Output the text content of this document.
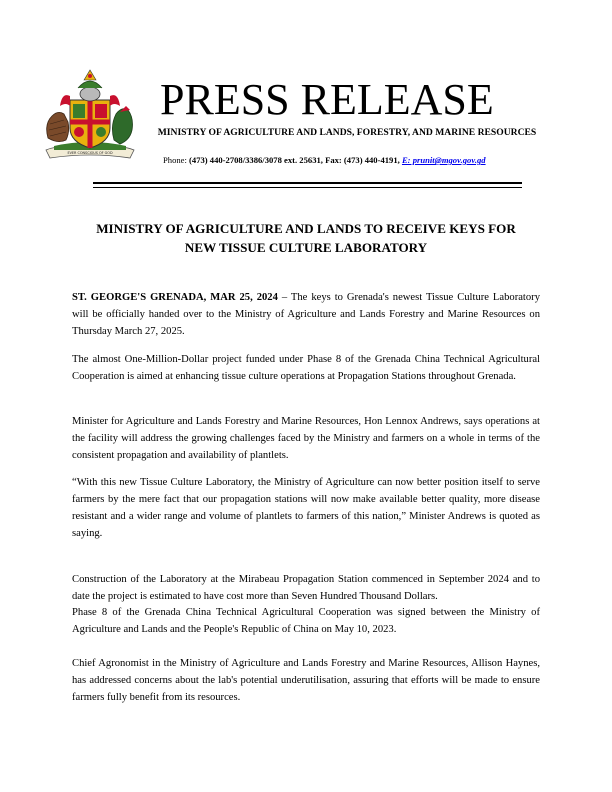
EVER CONSCIOUS OF GOD
PRESS RELEASE
MINISTRY OF AGRICULTURE AND LANDS, FORESTRY, AND MARINE RESOURCES
Phone: (473) 440-2708/3386/3078 ext. 25631, Fax: (473) 440-4191, E: prunit@mgov.gov.gd
MINISTRY OF AGRICULTURE AND LANDS TO RECEIVE KEYS FOR NEW TISSUE CULTURE LABORATORY
ST. GEORGE'S GRENADA, MAR 25, 2024 – The keys to Grenada's newest Tissue Culture Laboratory will be officially handed over to the Ministry of Agriculture and Lands Forestry and Marine Resources on Thursday March 27, 2025.
The almost One-Million-Dollar project funded under Phase 8 of the Grenada China Technical Agricultural Cooperation is aimed at enhancing tissue culture operations at Propagation Stations throughout Grenada.
Minister for Agriculture and Lands Forestry and Marine Resources, Hon Lennox Andrews, says operations at the facility will address the growing challenges faced by the Ministry and farmers on a whole in terms of the consistent propagation and availability of plantlets.
“With this new Tissue Culture Laboratory, the Ministry of Agriculture can now better position itself to serve farmers by the mere fact that our propagation stations will now make available better quality, more disease resistant and a wider range and volume of plantlets to farmers of this nation,” Minister Andrews is quoted as saying.
Construction of the Laboratory at the Mirabeau Propagation Station commenced in September 2024 and to date the project is estimated to have cost more than Seven Hundred Thousand Dollars.
Phase 8 of the Grenada China Technical Agricultural Cooperation was signed between the Ministry of Agriculture and Lands and the People's Republic of China on May 10, 2023.
Chief Agronomist in the Ministry of Agriculture and Lands Forestry and Marine Resources, Allison Haynes, has addressed concerns about the lab's potential underutilisation, assuring that efforts will be made to ensure farmers fully benefit from its resources.
